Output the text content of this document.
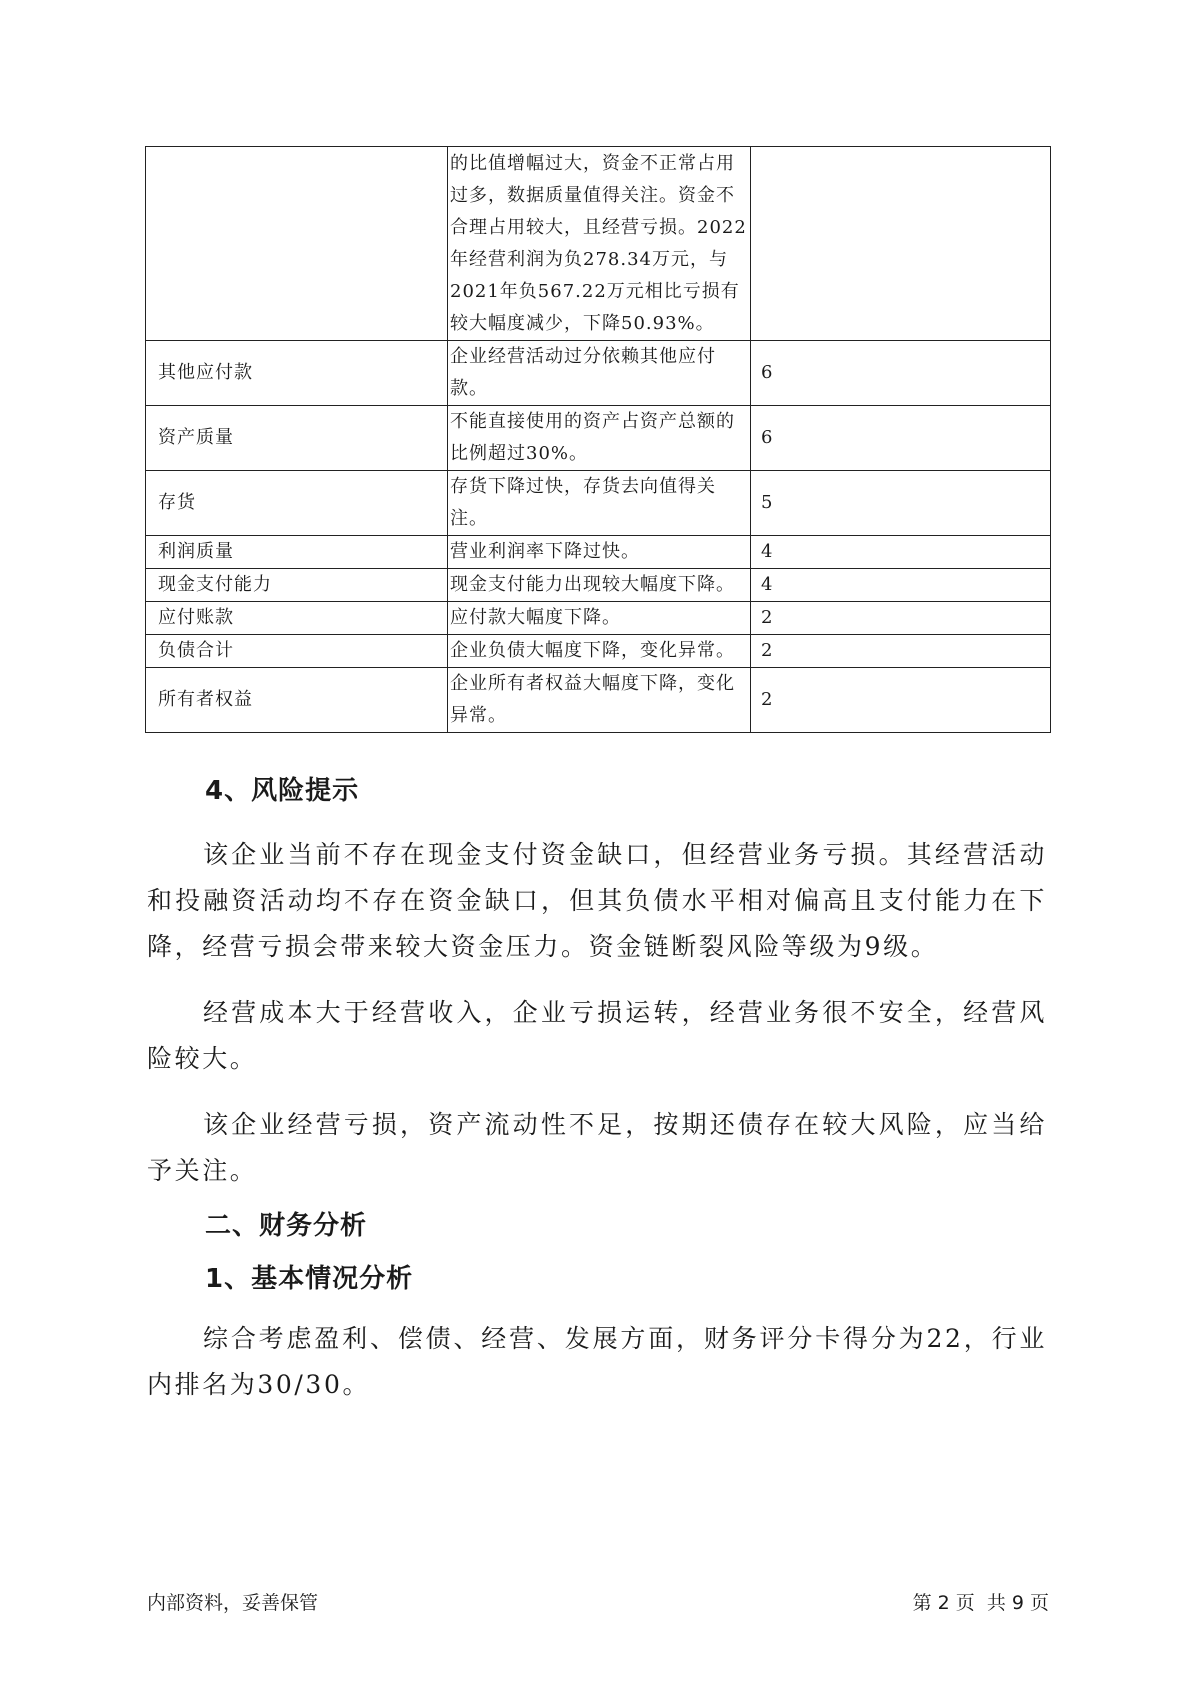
	的比值增幅过大，资金不正常占用过多，数据质量值得关注。资金不合理占用较大，且经营亏损。2022年经营利润为负278.34万元，与2021年负567.22万元相比亏损有较大幅度减少，下降50.93%。	
其他应付款	企业经营活动过分依赖其他应付款。	6
资产质量	不能直接使用的资产占资产总额的比例超过30%。	6
存货	存货下降过快，存货去向值得关注。	5
利润质量	营业利润率下降过快。	4
现金支付能力	现金支付能力出现较大幅度下降。	4
应付账款	应付款大幅度下降。	2
负债合计	企业负债大幅度下降，变化异常。	2
所有者权益	企业所有者权益大幅度下降，变化异常。	2
4、风险提示
该企业当前不存在现金支付资金缺口，但经营业务亏损。其经营活动和投融资活动均不存在资金缺口，但其负债水平相对偏高且支付能力在下降，经营亏损会带来较大资金压力。资金链断裂风险等级为9级。
经营成本大于经营收入，企业亏损运转，经营业务很不安全，经营风险较大。
该企业经营亏损，资产流动性不足，按期还债存在较大风险，应当给予关注。
二、财务分析
1、基本情况分析
综合考虑盈利、偿债、经营、发展方面，财务评分卡得分为22，行业内排名为30/30。
内部资料，妥善保管	第 2 页  共 9 页
